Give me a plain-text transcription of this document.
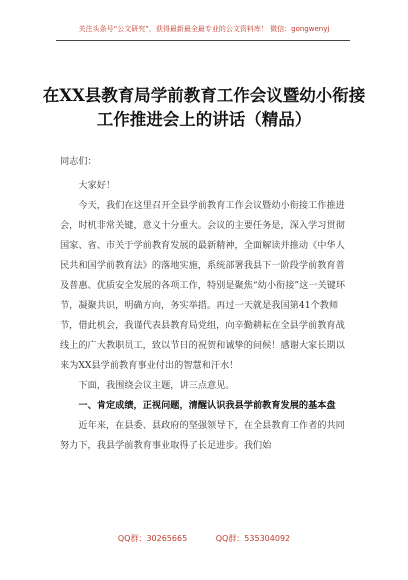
关注头条号“公文研究”，获得最新最全最专业的公文资料库！ 微信：gongwenyj
在XX县教育局学前教育工作会议暨幼小衔接工作推进会上的讲话（精品）

同志们：

大家好！

今天，我们在这里召开全县学前教育工作会议暨幼小衔接工作推进会，时机非常关键，意义十分重大。会议的主要任务是，深入学习贯彻国家、省、市关于学前教育发展的最新精神，全面解读并推动《中华人民共和国学前教育法》的落地实施，系统部署我县下一阶段学前教育普及普惠、优质安全发展的各项工作，特别是聚焦“幼小衔接”这一关键环节，凝聚共识，明确方向，务实举措。再过一天就是我国第41个教师节，借此机会，我谨代表县教育局党组，向辛勤耕耘在全县学前教育战线上的广大教职员工，致以节日的祝贺和诚挚的问候！感谢大家长期以来为XX县学前教育事业付出的智慧和汗水！

下面，我围绕会议主题，讲三点意见。

一、肯定成绩，正视问题，清醒认识我县学前教育发展的基本盘

近年来，在县委、县政府的坚强领导下，在全县教育工作者的共同努力下，我县学前教育事业取得了长足进步。我们始

QQ群：30265665	QQ群：535304092
